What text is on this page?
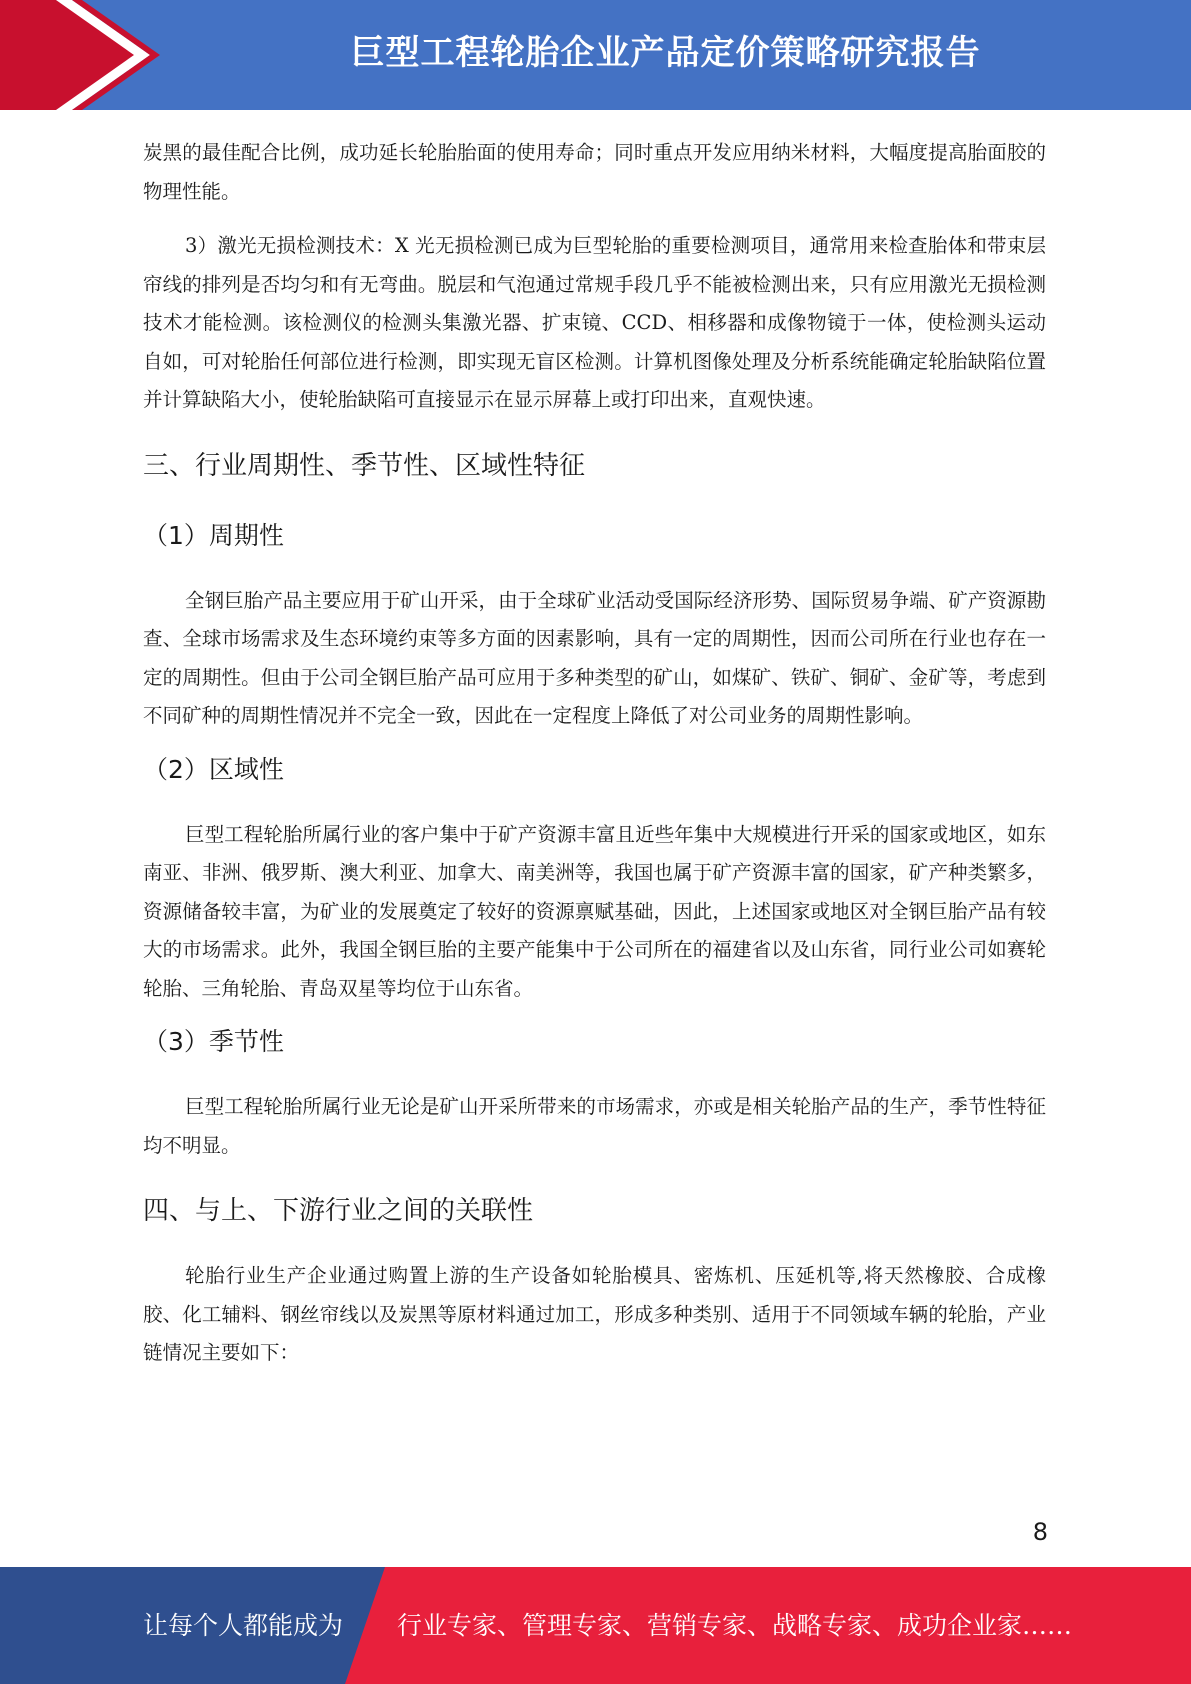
巨型工程轮胎企业产品定价策略研究报告

炭黑的最佳配合比例，成功延长轮胎胎面的使用寿命；同时重点开发应用纳米材料，大幅度提高胎面胶的物理性能。

3）激光无损检测技术：X 光无损检测已成为巨型轮胎的重要检测项目，通常用来检查胎体和带束层帘线的排列是否均匀和有无弯曲。脱层和气泡通过常规手段几乎不能被检测出来，只有应用激光无损检测技术才能检测。该检测仪的检测头集激光器、扩束镜、CCD、相移器和成像物镜于一体，使检测头运动自如，可对轮胎任何部位进行检测，即实现无盲区检测。计算机图像处理及分析系统能确定轮胎缺陷位置并计算缺陷大小，使轮胎缺陷可直接显示在显示屏幕上或打印出来，直观快速。

三、行业周期性、季节性、区域性特征
（1）周期性

全钢巨胎产品主要应用于矿山开采，由于全球矿业活动受国际经济形势、国际贸易争端、矿产资源勘查、全球市场需求及生态环境约束等多方面的因素影响，具有一定的周期性，因而公司所在行业也存在一定的周期性。但由于公司全钢巨胎产品可应用于多种类型的矿山，如煤矿、铁矿、铜矿、金矿等，考虑到不同矿种的周期性情况并不完全一致，因此在一定程度上降低了对公司业务的周期性影响。

（2）区域性

巨型工程轮胎所属行业的客户集中于矿产资源丰富且近些年集中大规模进行开采的国家或地区，如东南亚、非洲、俄罗斯、澳大利亚、加拿大、南美洲等，我国也属于矿产资源丰富的国家，矿产种类繁多，资源储备较丰富，为矿业的发展奠定了较好的资源禀赋基础，因此，上述国家或地区对全钢巨胎产品有较大的市场需求。此外，我国全钢巨胎的主要产能集中于公司所在的福建省以及山东省，同行业公司如赛轮轮胎、三角轮胎、青岛双星等均位于山东省。

（3）季节性

巨型工程轮胎所属行业无论是矿山开采所带来的市场需求，亦或是相关轮胎产品的生产，季节性特征均不明显。

四、与上、下游行业之间的关联性

轮胎行业生产企业通过购置上游的生产设备如轮胎模具、密炼机、压延机等,将天然橡胶、合成橡胶、化工辅料、钢丝帘线以及炭黑等原材料通过加工，形成多种类别、适用于不同领域车辆的轮胎，产业链情况主要如下：

8
让每个人都能成为 行业专家、管理专家、营销专家、战略专家、成功企业家……
